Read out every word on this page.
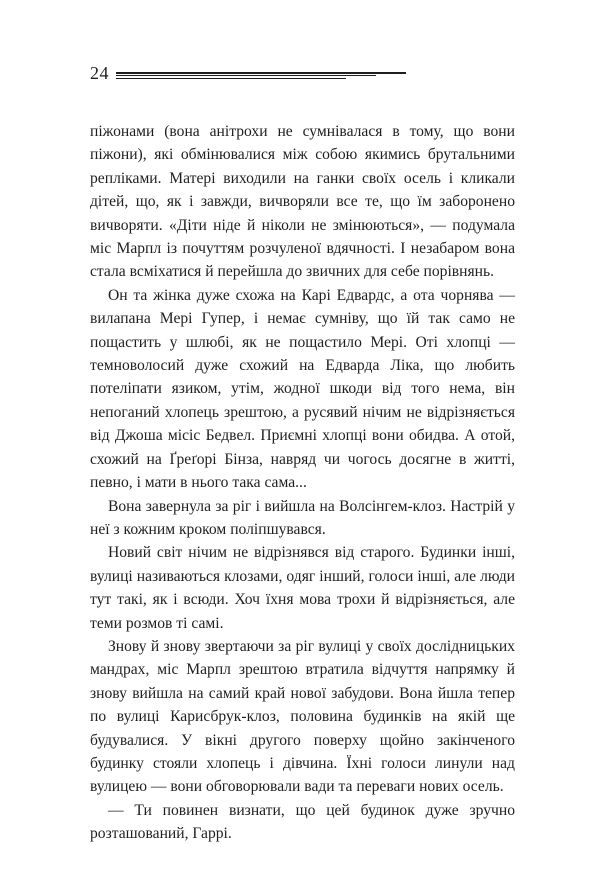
24

піжонами (вона анітрохи не сумнівалася в тому, що вони піжони), які обмінювалися між собою якимись брутальними репліками. Матері виходили на ганки своїх осель і кликали дітей, що, як і завжди, вичворяли все те, що їм заборонено вичворяти. «Діти ніде й ніколи не змінюються», — подумала міс Марпл із почуттям розчуленої вдячності. І незабаром вона стала всміхатися й перейшла до звичних для себе порівнянь.

Он та жінка дуже схожа на Карі Едвардс, а ота чорнява — вилапана Мері Гупер, і немає сумніву, що їй так само не пощастить у шлюбі, як не пощастило Мері. Оті хлопці — темноволосий дуже схожий на Едварда Ліка, що любить потеліпати язиком, утім, жодної шкоди від того нема, він непоганий хлопець зрештою, а русявий нічим не відрізняється від Джоша місіс Бедвел. Приємні хлопці вони обидва. А отой, схожий на Ґреґорі Бінза, навряд чи чогось досягне в житті, певно, і мати в нього така сама...

Вона завернула за ріг і вийшла на Волсінгем-клоз. Настрій у неї з кожним кроком поліпшувався.

Новий світ нічим не відрізнявся від старого. Будинки інші, вулиці називаються клозами, одяг інший, голоси інші, але люди тут такі, як і всюди. Хоч їхня мова трохи й відрізняється, але теми розмов ті самі.

Знову й знову звертаючи за ріг вулиці у своїх дослідницьких мандрах, міс Марпл зрештою втратила відчуття напрямку й знову вийшла на самий край нової забудови. Вона йшла тепер по вулиці Карисбрук-клоз, половина будинків на якій ще будувалися. У вікні другого поверху щойно закінченого будинку стояли хлопець і дівчина. Їхні голоси линули над вулицею — вони обговорювали вади та переваги нових осель.

— Ти повинен визнати, що цей будинок дуже зручно розташований, Гаррі.
